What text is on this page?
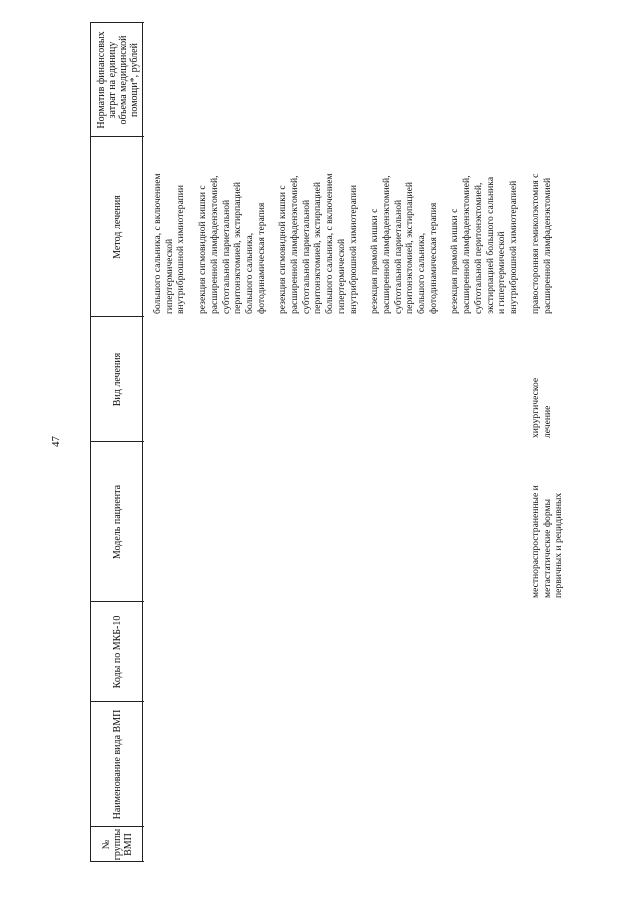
47
№
группы
ВМП
Наименование вида ВМП
Коды по МКБ-10
Модель пациента
Вид лечения
Метод лечения
Норматив финансовых
затрат на единицу
объема медицинской
помощи*, рублей

большого сальника, с включением
гипертермической
внутрибрюшной химиотерапии

резекция сигмовидной кишки с
расширенной лимфаденэктомией,
субтотальной париетальной
перитонэктомией, экстирпацией
большого сальника,
фотодинамическая терапия

резекция сигмовидной кишки с
расширенной лимфаденэктомией,
субтотальной париетальной
перитонэктомией, экстирпацией
большого сальника, с включением
гипертермической
внутрибрюшной химиотерапии

резекция прямой кишки с
расширенной лимфаденэктомией,
субтотальной париетальной
перитонэктомией, экстирпацией
большого сальника,
фотодинамическая терапия

резекция прямой кишки с
расширенной лимфаденэктомией,
субтотальной перитонэктомией,
экстирпацией большого сальника
и гипертермической
внутрибрюшной химиотерапией

местнораспространенные и
метастатические формы
первичных и рецидивных
хирургическое
лечение
правосторонняя гемиколэктомия с
расширенной лимфаденэктомией
